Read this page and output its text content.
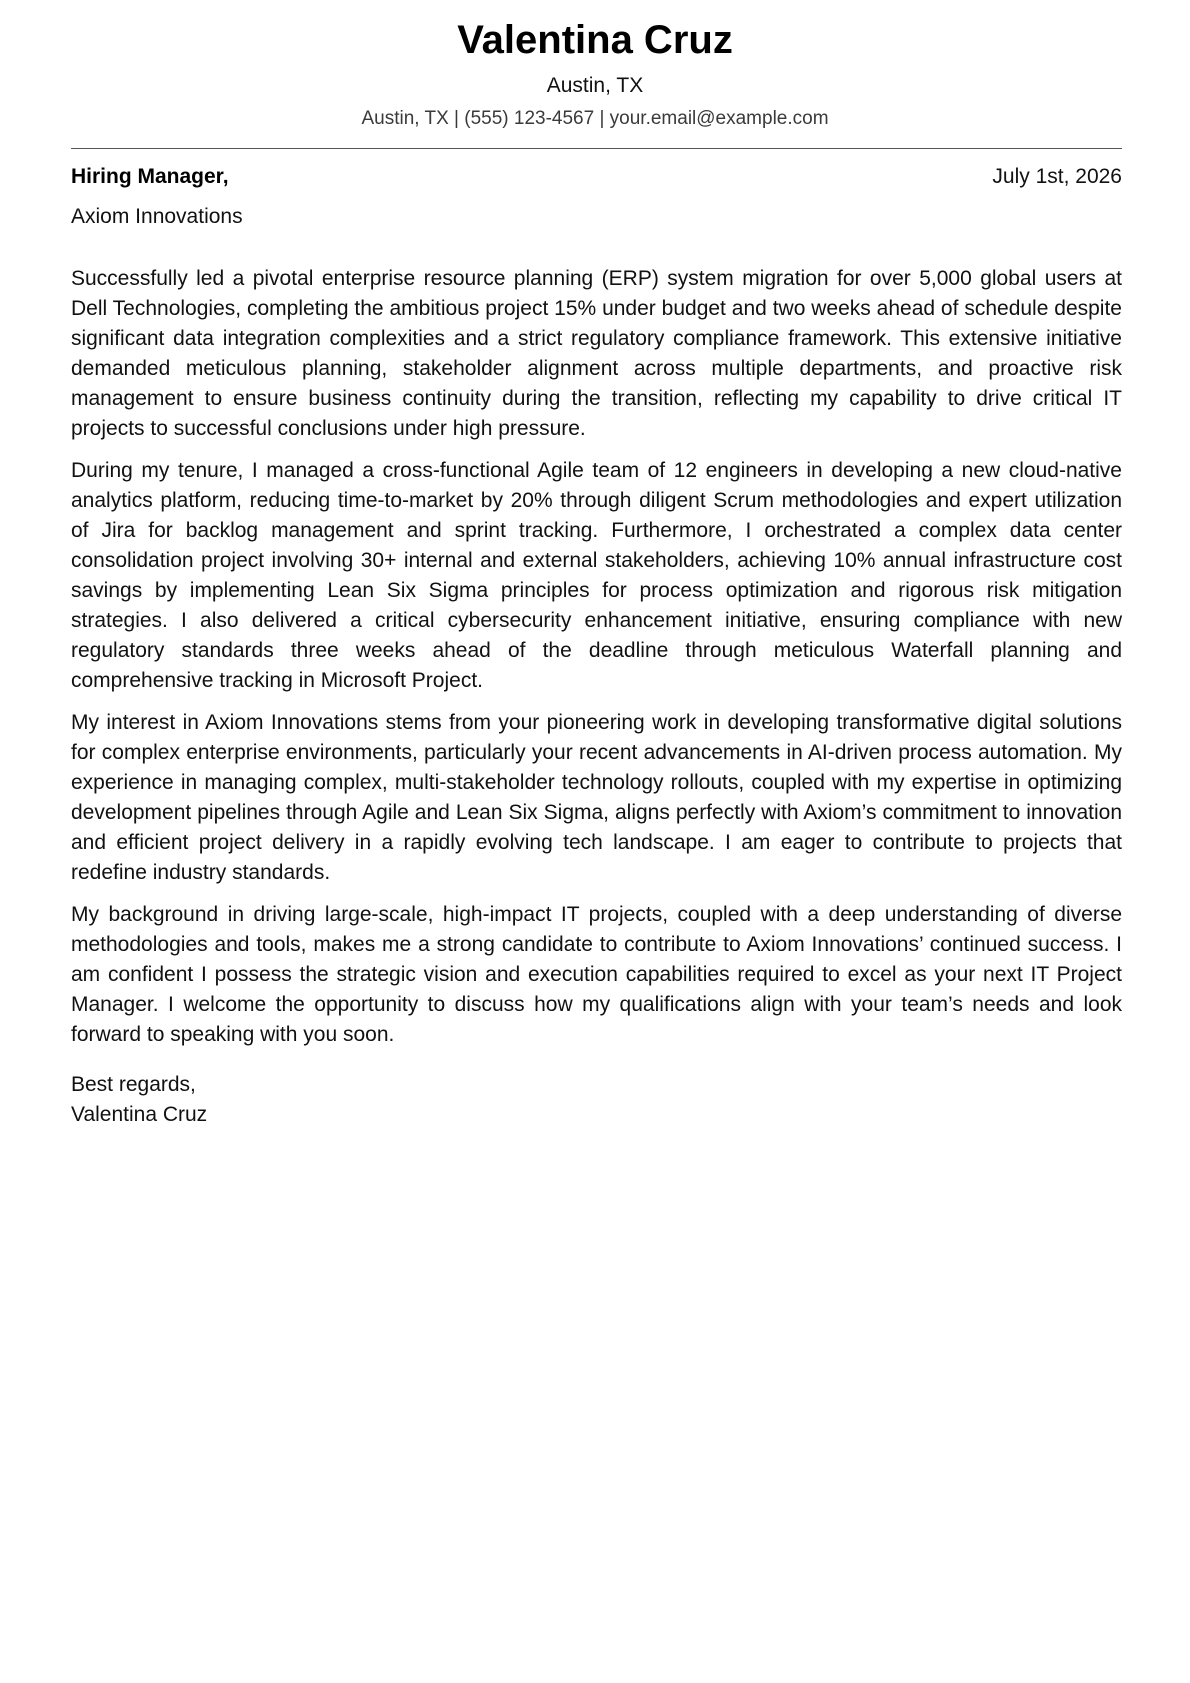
Valentina Cruz
Austin, TX
Austin, TX | (555) 123-4567 | your.email@example.com
Hiring Manager,	July 1st, 2026
Axiom Innovations

Successfully led a pivotal enterprise resource planning (ERP) system migration for over 5,000 global users at Dell Technologies, completing the ambitious project 15% under budget and two weeks ahead of schedule despite significant data integration complexities and a strict regulatory compliance framework. This extensive initiative demanded meticulous planning, stakeholder alignment across multiple departments, and proactive risk management to ensure business continuity during the transition, reflecting my capability to drive critical IT projects to successful conclusions under high pressure.

During my tenure, I managed a cross-functional Agile team of 12 engineers in developing a new cloud-native analytics platform, reducing time-to-market by 20% through diligent Scrum methodologies and expert utilization of Jira for backlog management and sprint tracking. Furthermore, I orchestrated a complex data center consolidation project involving 30+ internal and external stakeholders, achieving 10% annual infrastructure cost savings by implementing Lean Six Sigma principles for process optimization and rigorous risk mitigation strategies. I also delivered a critical cybersecurity enhancement initiative, ensuring compliance with new regulatory standards three weeks ahead of the deadline through meticulous Waterfall planning and comprehensive tracking in Microsoft Project.

My interest in Axiom Innovations stems from your pioneering work in developing transformative digital solutions for complex enterprise environments, particularly your recent advancements in AI-driven process automation. My experience in managing complex, multi-stakeholder technology rollouts, coupled with my expertise in optimizing development pipelines through Agile and Lean Six Sigma, aligns perfectly with Axiom’s commitment to innovation and efficient project delivery in a rapidly evolving tech landscape. I am eager to contribute to projects that redefine industry standards.

My background in driving large-scale, high-impact IT projects, coupled with a deep understanding of diverse methodologies and tools, makes me a strong candidate to contribute to Axiom Innovations’ continued success. I am confident I possess the strategic vision and execution capabilities required to excel as your next IT Project Manager. I welcome the opportunity to discuss how my qualifications align with your team’s needs and look forward to speaking with you soon.

Best regards,
Valentina Cruz
